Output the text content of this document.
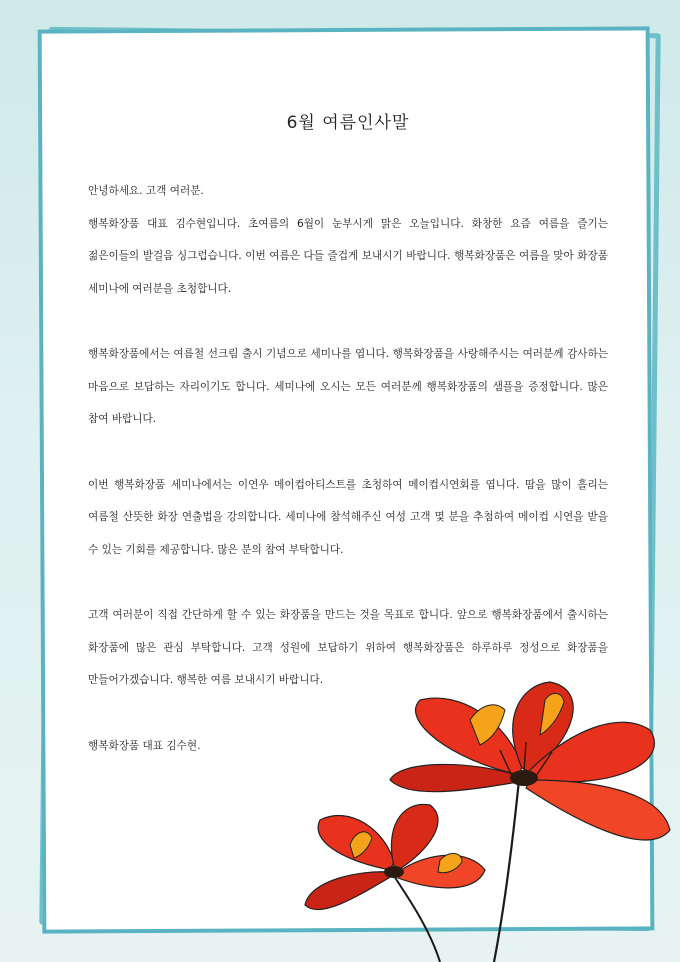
6월 여름인사말

안녕하세요. 고객 여러분.

행복화장품 대표 김수현입니다. 초여름의 6월이 눈부시게 맑은 오늘입니다. 화창한 요즘 여름을 즐기는 젊은이들의 발걸음 싱그럽습니다. 이번 여름은 다들 즐겁게 보내시기 바랍니다. 행복화장품은 여름을 맞아 화장품 세미나에 여러분을 초청합니다.

행복화장품에서는 여름철 선크림 출시 기념으로 세미나를 엽니다. 행복화장품을 사랑해주시는 여러분께 감사하는 마음으로 보답하는 자리이기도 합니다. 세미나에 오시는 모든 여러분께 행복화장품의 샘플을 증정합니다. 많은 참여 바랍니다.

이번 행복화장품 세미나에서는 이연우 메이컵아티스트를 초청하여 메이컵시연회를 엽니다. 땀을 많이 흘리는 여름철 산뜻한 화장 연출법을 강의합니다. 세미나에 참석해주신 여성 고객 몇 분을 추첨하여 메이컵 시연을 받을 수 있는 기회를 제공합니다. 많은 분의 참여 부탁합니다.

고객 여러분이 직접 간단하게 할 수 있는 화장품을 만드는 것을 목표로 합니다. 앞으로 행복화장품에서 출시하는 화장품에 많은 관심 부탁합니다. 고객 성원에 보답하기 위하여 행복화장품은 하루하루 정성으로 화장품을 만들어가겠습니다. 행복한 여름 보내시기 바랍니다.

행복화장품 대표 김수현.
